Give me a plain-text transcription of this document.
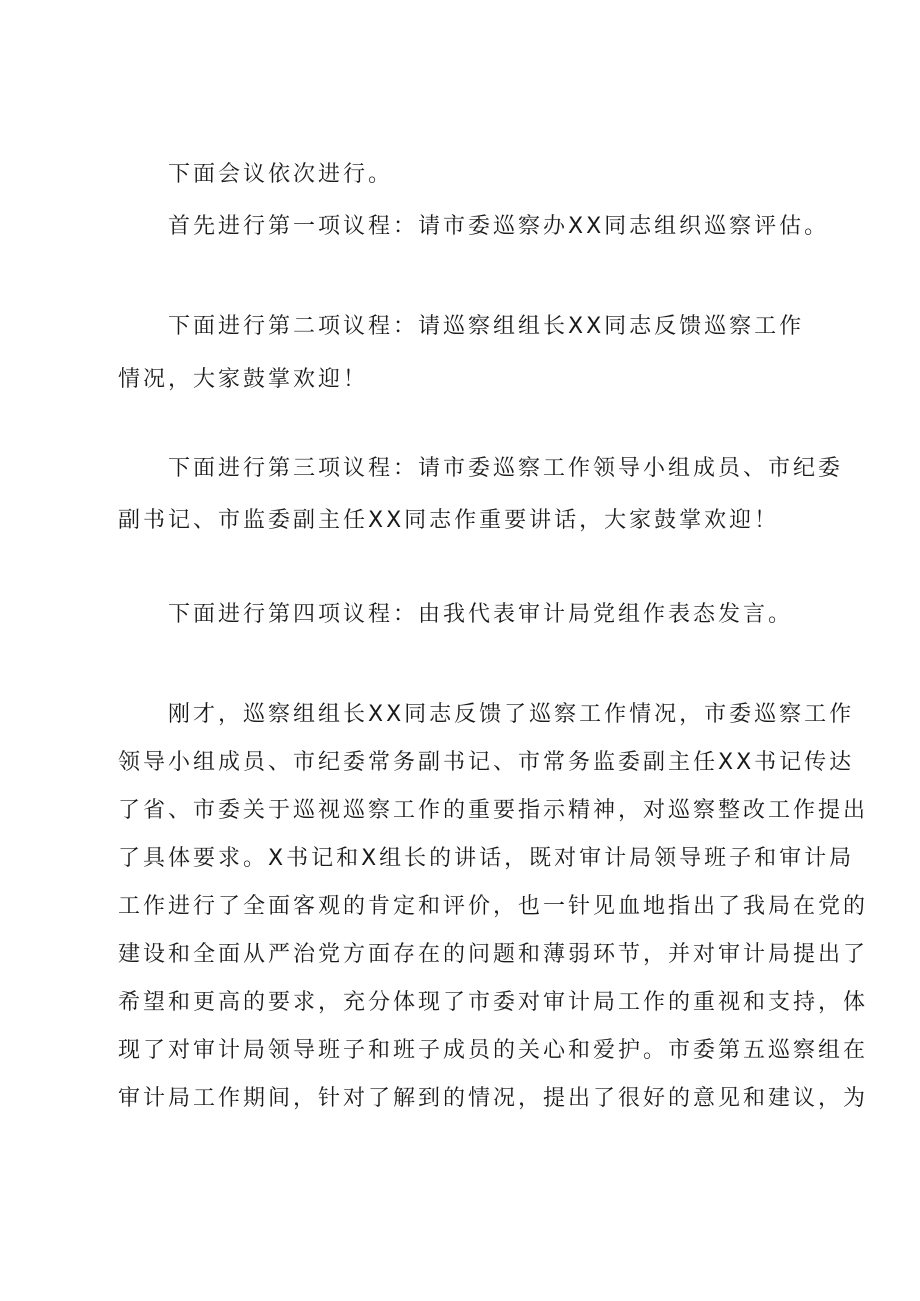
下面会议依次进行。
首先进行第一项议程：请市委巡察办XX同志组织巡察评估。
下面进行第二项议程：请巡察组组长XX同志反馈巡察工作
情况，大家鼓掌欢迎！
下面进行第三项议程：请市委巡察工作领导小组成员、市纪委
副书记、市监委副主任XX同志作重要讲话，大家鼓掌欢迎！
下面进行第四项议程：由我代表审计局党组作表态发言。
刚才，巡察组组长XX同志反馈了巡察工作情况，市委巡察工作
领导小组成员、市纪委常务副书记、市常务监委副主任XX书记传达
了省、市委关于巡视巡察工作的重要指示精神，对巡察整改工作提出
了具体要求。X书记和X组长的讲话，既对审计局领导班子和审计局
工作进行了全面客观的肯定和评价，也一针见血地指出了我局在党的
建设和全面从严治党方面存在的问题和薄弱环节，并对审计局提出了
希望和更高的要求，充分体现了市委对审计局工作的重视和支持，体
现了对审计局领导班子和班子成员的关心和爱护。市委第五巡察组在
审计局工作期间，针对了解到的情况，提出了很好的意见和建议，为
